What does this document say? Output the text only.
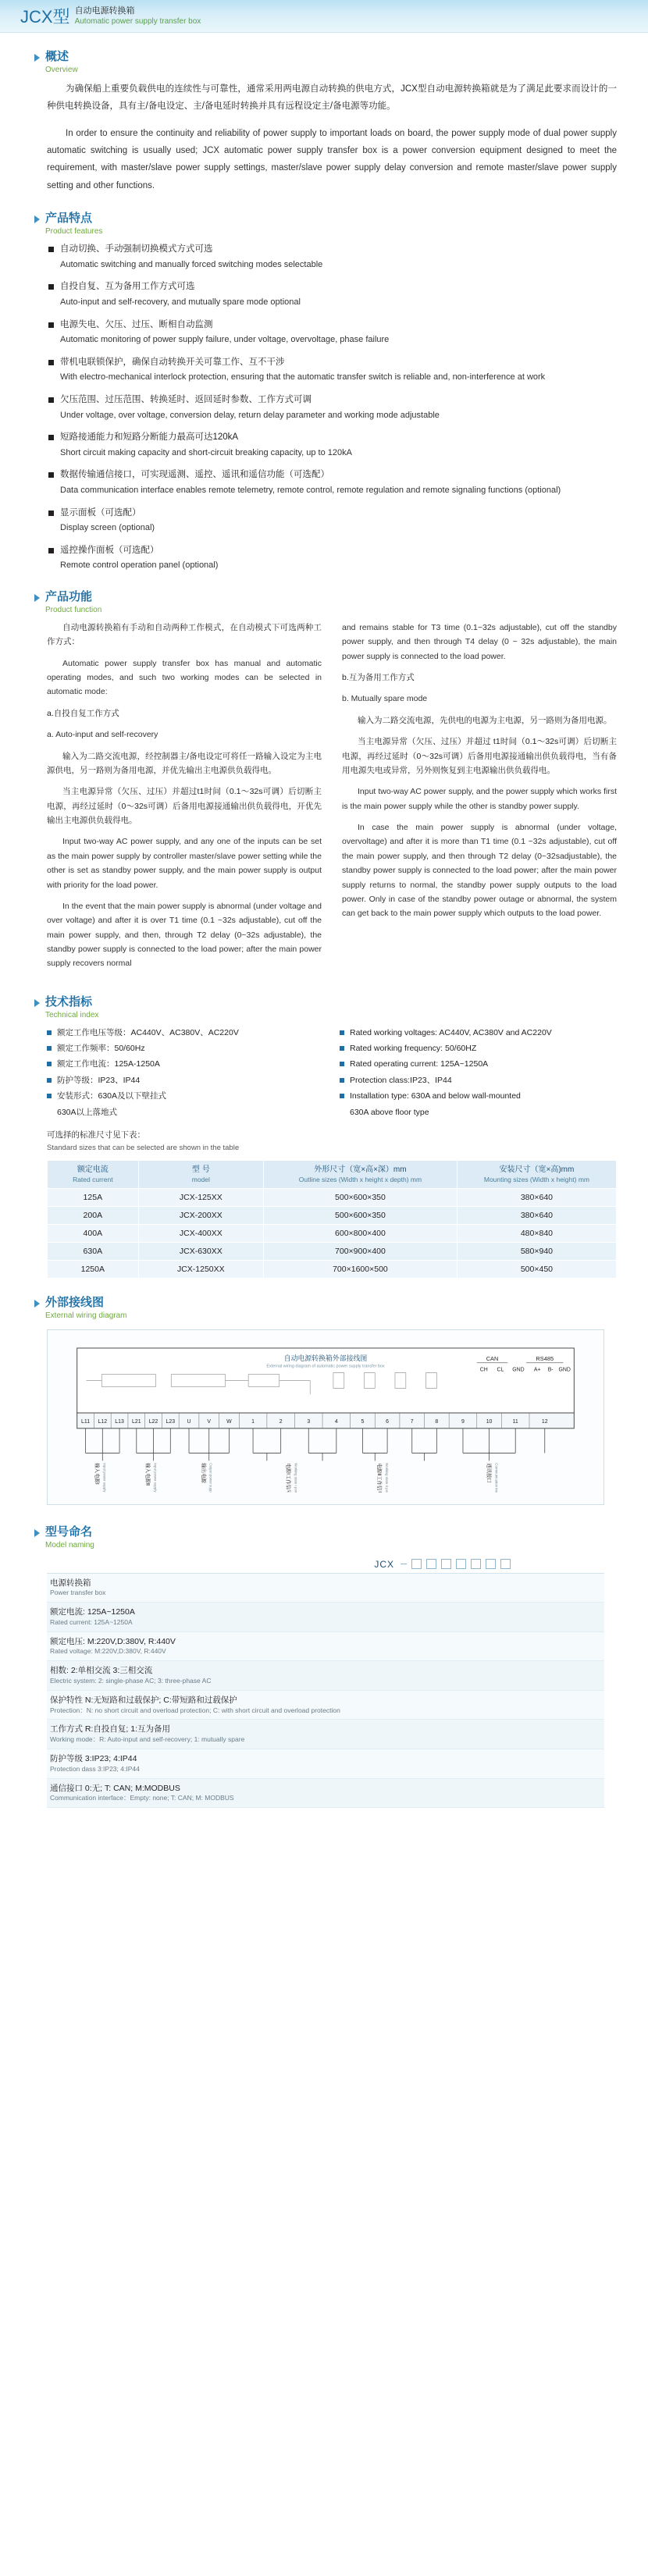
JCX型 自动电源转换箱
Automatic power supply transfer box
概述
Overview

为确保船上重要负载供电的连续性与可靠性，通常采用两电源自动转换的供电方式，JCX型自动电源转换箱就是为了满足此要求而设计的一种供电转换设备，具有主/备电设定、主/备电延时转换并具有远程设定主/备电源等功能。

In order to ensure the continuity and reliability of power supply to important loads on board, the power supply mode of dual power supply automatic switching is usually used; JCX automatic power supply transfer box is a power conversion equipment designed to meet the requirement, with master/slave power supply settings, master/slave power supply delay conversion and remote master/slave power supply setting and other functions.

产品特点
Product features
自动切换、手动强制切换模式方式可选
Automatic switching and manually forced switching modes selectable
自投自复、互为备用工作方式可选
Auto-input and self-recovery, and mutually spare mode optional
电源失电、欠压、过压、断相自动监测
Automatic monitoring of power supply failure, under voltage, overvoltage, phase failure
带机电联锁保护，确保自动转换开关可靠工作、互不干涉
With electro-mechanical interlock protection, ensuring that the automatic transfer switch is reliable and, non-interference at work
欠压范围、过压范围、转换延时、返回延时参数、工作方式可调
Under voltage, over voltage, conversion delay, return delay parameter and working mode adjustable
短路接通能力和短路分断能力最高可达120kA
Short circuit making capacity and short-circuit breaking capacity, up to 120kA
数据传输通信接口，可实现遥测、遥控、遥讯和遥信功能（可选配）
Data communication interface enables remote telemetry, remote control, remote regulation and remote signaling functions (optional)
显示面板（可选配）
Display screen (optional)
遥控操作面板（可选配）
Remote control operation panel (optional)
产品功能
Product function

自动电源转换箱有手动和自动两种工作模式，在自动模式下可选两种工作方式：

Automatic power supply transfer box has manual and automatic operating modes, and such two working modes can be selected in automatic mode:

a.自投自复工作方式

a. Auto-input and self-recovery

输入为二路交流电源，经控制器主/备电设定可将任一路输入设定为主电源供电，另一路则为备用电源，并优先输出主电源供负载得电。

当主电源异常（欠压、过压）并超过t1时间（0.1～32s可调）后切断主电源，再经过延时（0～32s可调）后备用电源接通输出供负载得电，开优先输出主电源供负载得电。

Input two-way AC power supply, and any one of the inputs can be set as the main power supply by controller master/slave power setting while the other is set as standby power supply, and the main power supply is output with priority for the load power.

In the event that the main power supply is abnormal (under voltage and over voltage) and after it is over T1 time (0.1 ~32s adjustable), cut off the main power supply, and then, through T2 delay (0~32s adjustable), the standby power supply is connected to the load power; after the main power supply recovers normal

and remains stable for T3 time (0.1~32s adjustable), cut off the standby power supply, and then through T4 delay (0 ~ 32s adjustable), the main power supply is connected to the load power.

b.互为备用工作方式

b. Mutually spare mode

输入为二路交流电源，先供电的电源为主电源，另一路则为备用电源。

当主电源异常（欠压、过压）并超过 t1时间（0.1～32s可调）后切断主电源，再经过延时（0～32s可调）后备用电源接通输出供负载得电，当有备用电源失电或异常，另外则恢复到主电源输出供负载得电。

Input two-way AC power supply, and the power supply which works first is the main power supply while the other is standby power supply.

In case the main power supply is abnormal (under voltage, overvoltage) and after it is more than T1 time (0.1 ~32s adjustable), cut off the main power supply, and then through T2 delay (0~32sadjustable), the standby power supply is connected to the load power; after the main power supply returns to normal, the standby power supply outputs to the load power. Only in case of the standby power outage or abnormal, the system can get back to the main power supply which outputs to the load power.

技术指标
Technical index
额定工作电压等级：AC440V、AC380V、AC220V
额定工作频率：50/60Hz
额定工作电流：125A-1250A
防护等级：IP23、IP44
安装形式：630A及以下壁挂式
630A以上落地式
Rated working voltages: AC440V, AC380V and AC220V
Rated working frequency: 50/60HZ
Rated operating current: 125A~1250A
Protection class:IP23、IP44
Installation type: 630A and below wall-mounted
630A above floor type
可选择的标准尺寸见下表：
Standard sizes that can be selected are shown in the table
额定电流
Rated current	型 号
model	外形尺寸（宽×高×深）mm
Outline sizes (Width x height x depth) mm	安装尺寸（宽×高)mm
Mounting sizes (Width x height) mm

125A	JCX-125XX	500×600×350	380×640
200A	JCX-200XX	500×600×350	380×640
400A	JCX-400XX	600×800×400	480×840
630A	JCX-630XX	700×900×400	580×940
1250A	JCX-1250XX	700×1600×500	500×450
外部接线图
External wiring diagram
自动电源转换箱外部接线图
External wiring diagram of automatic power supply transfer box
CAN	RS485
CH CL GND A+ B- GND
L11 L12 L13 L21 L22 L23 U	V	W	1	2	3	4	5	6	7	8	9	10	11	12
输入电源Ⅰ Input power supply I	输入电源Ⅱ Input power supply II	输出电源 Output power supply	电源Ⅰ工作信号 Working state I power supply	电源Ⅱ工作信号 Working state II power supply	通讯接口 Communication interface
型号命名
Model naming
JCX
电源转换箱
Power transfer box
额定电流: 125A~1250A
Rated current: 125A~1250A
额定电压: M:220V,D:380V, R:440V
Rated voltage: M:220V,D:380V, R:440V
相数: 2:单相交流 3:三相交流
Electric system: 2: single-phase AC; 3: three-phase AC
保护特性 N:无短路和过载保护; C:带短路和过载保护
Protection：N: no short circuit and overload protection; C: with short circuit and overload protection
工作方式 R:自投自复; 1:互为备用
Working mode：R: Auto-input and self-recovery; 1: mutually spare
防护等级 3:IP23; 4:IP44
Protection dass 3:IP23; 4:IP44
通信接口 0:无; T: CAN; M:MODBUS
Communication interface：Empty: none; T: CAN; M: MODBUS
